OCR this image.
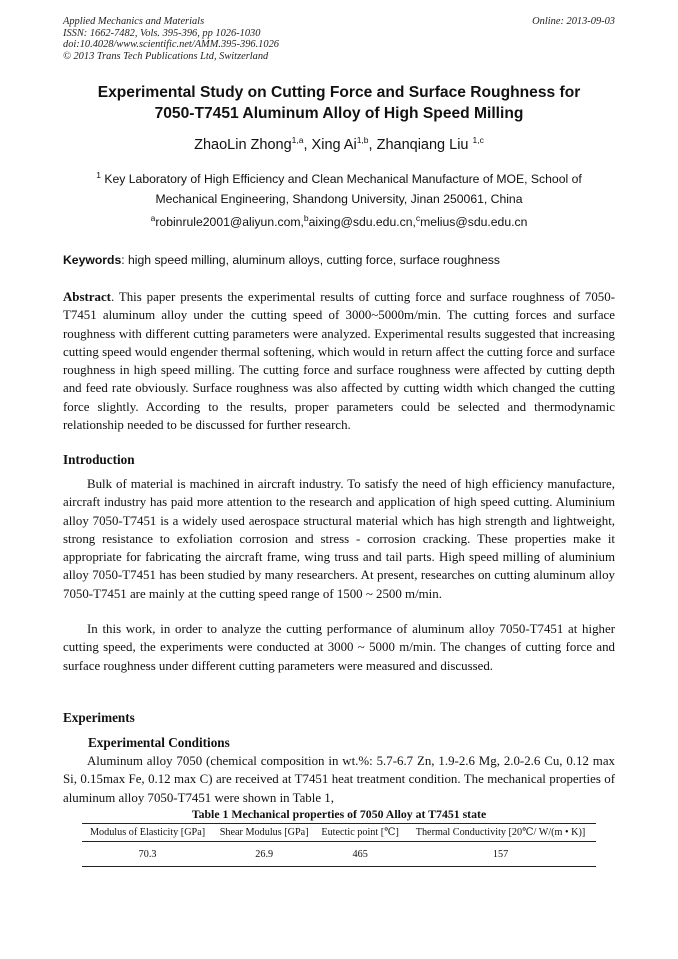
Applied Mechanics and Materials
ISSN: 1662-7482, Vols. 395-396, pp 1026-1030
doi:10.4028/www.scientific.net/AMM.395-396.1026
© 2013 Trans Tech Publications Ltd, Switzerland
Online: 2013-09-03
Experimental Study on Cutting Force and Surface Roughness for
7050-T7451 Aluminum Alloy of High Speed Milling
ZhaoLin Zhong$^{1,a}$, Xing Ai$^{1,b}$, Zhanqiang Liu $^{1,c}$
$^1$ Key Laboratory of High Efficiency and Clean Mechanical Manufacture of MOE, School of
Mechanical Engineering, Shandong University, Jinan 250061, China
$^a$robinrule2001@aliyun.com,$^b$aixing@sdu.edu.cn,$^c$melius@sdu.edu.cn
Keywords: high speed milling, aluminum alloys, cutting force, surface roughness
Abstract. This paper presents the experimental results of cutting force and surface roughness of 7050-T7451 aluminum alloy under the cutting speed of 3000~5000m/min. The cutting forces and surface roughness with different cutting parameters were analyzed. Experimental results suggested that increasing cutting speed would engender thermal softening, which would in return affect the cutting force and surface roughness in high speed milling. The cutting force and surface roughness were affected by cutting depth and feed rate obviously. Surface roughness was also affected by cutting width which changed the cutting force slightly. According to the results, proper parameters could be selected and thermodynamic relationship needed to be discussed for further research.
Introduction
Bulk of material is machined in aircraft industry. To satisfy the need of high efficiency manufacture, aircraft industry has paid more attention to the research and application of high speed cutting. Aluminium alloy 7050-T7451 is a widely used aerospace structural material which has high strength and lightweight, strong resistance to exfoliation corrosion and stress - corrosion cracking. These properties make it appropriate for fabricating the aircraft frame, wing truss and tail parts. High speed milling of aluminium alloy 7050-T7451 has been studied by many researchers. At present, researches on cutting aluminum alloy 7050-T7451 are mainly at the cutting speed range of 1500 ~ 2500 m/min.
In this work, in order to analyze the cutting performance of aluminum alloy 7050-T7451 at higher cutting speed, the experiments were conducted at 3000 ~ 5000 m/min. The changes of cutting force and surface roughness under different cutting parameters were measured and discussed.
Experiments
Experimental Conditions
Aluminum alloy 7050 (chemical composition in wt.%: 5.7-6.7 Zn, 1.9-2.6 Mg, 2.0-2.6 Cu, 0.12 max Si, 0.15max Fe, 0.12 max C) are received at T7451 heat treatment condition. The mechanical properties of aluminum alloy 7050-T7451 were shown in Table 1,
Table 1 Mechanical properties of 7050 Alloy at T7451 state
Modulus of Elasticity [GPa]	Shear Modulus [GPa]	Eutectic point [℃]	Thermal Conductivity [20℃/ W/(m • K)]
70.3	26.9	465	157
